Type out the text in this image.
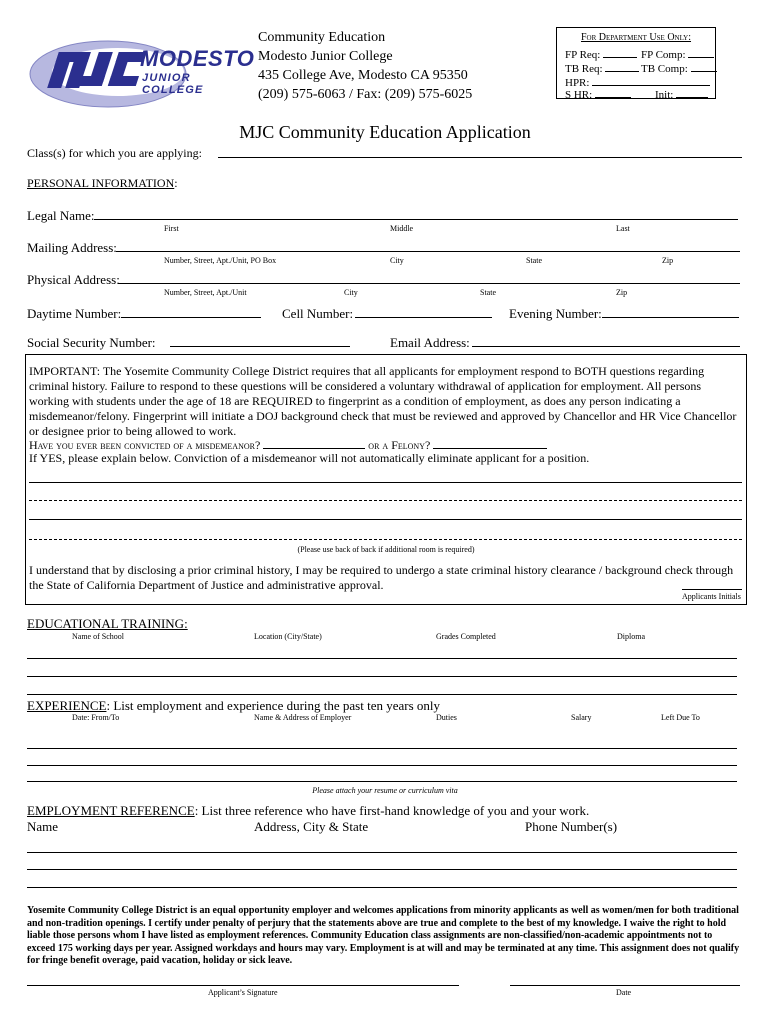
MODESTO
JUNIOR COLLEGE
Community Education
Modesto Junior College
435 College Ave, Modesto CA 95350
(209) 575-6063 / Fax: (209) 575-6025
For Department Use Only:
FP Req:	FP Comp:
TB Req:	TB Comp:
HPR:
S HR:	Init:
MJC Community Education Application
Class(s) for which you are applying:
PERSONAL INFORMATION:
Legal Name:
First	Middle	Last
Mailing Address:
Number, Street, Apt./Unit, PO Box	City	State	Zip
Physical Address:
Number, Street, Apt./Unit	City	State	Zip
Daytime Number:	Cell Number:	Evening Number:
Social Security Number:	Email Address:
IMPORTANT: The Yosemite Community College District requires that all applicants for employment respond to BOTH questions regarding criminal history. Failure to respond to these questions will be considered a voluntary withdrawal of application for employment. All persons working with students under the age of 18 are REQUIRED to fingerprint as a condition of employment, as does any person indicating a misdemeanor/felony. Fingerprint will initiate a DOJ background check that must be reviewed and approved by Chancellor and HR Vice Chancellor or designee prior to being allowed to work.
Have you ever been convicted of a misdemeanor?	or a Felony?
If YES, please explain below. Conviction of a misdemeanor will not automatically eliminate applicant for a position.
(Please use back of back if additional room is required)
I understand that by disclosing a prior criminal history, I may be required to undergo a state criminal history clearance / background check through the State of California Department of Justice and administrative approval.
Applicants Initials
EDUCATIONAL TRAINING:
Name of School	Location (City/State)	Grades Completed	Diploma
EXPERIENCE: List employment and experience during the past ten years only
Date: From/To	Name & Address of Employer	Duties	Salary	Left Due To
Please attach your resume or curriculum vita
EMPLOYMENT REFERENCE: List three reference who have first-hand knowledge of you and your work.
Name	Address, City & State	Phone Number(s)
Yosemite Community College District is an equal opportunity employer and welcomes applications from minority applicants as well as women/men for both traditional and non-tradition openings. I certify under penalty of perjury that the statements above are true and complete to the best of my knowledge. I waive the right to hold liable those persons whom I have listed as employment references. Community Education class assignments are non-classified/non-academic appointments not to exceed 175 working days per year. Assigned workdays and hours may vary. Employment is at will and may be terminated at any time. This assignment does not qualify for fringe benefit overage, paid vacation, holiday or sick leave.
Applicant’s Signature	Date
